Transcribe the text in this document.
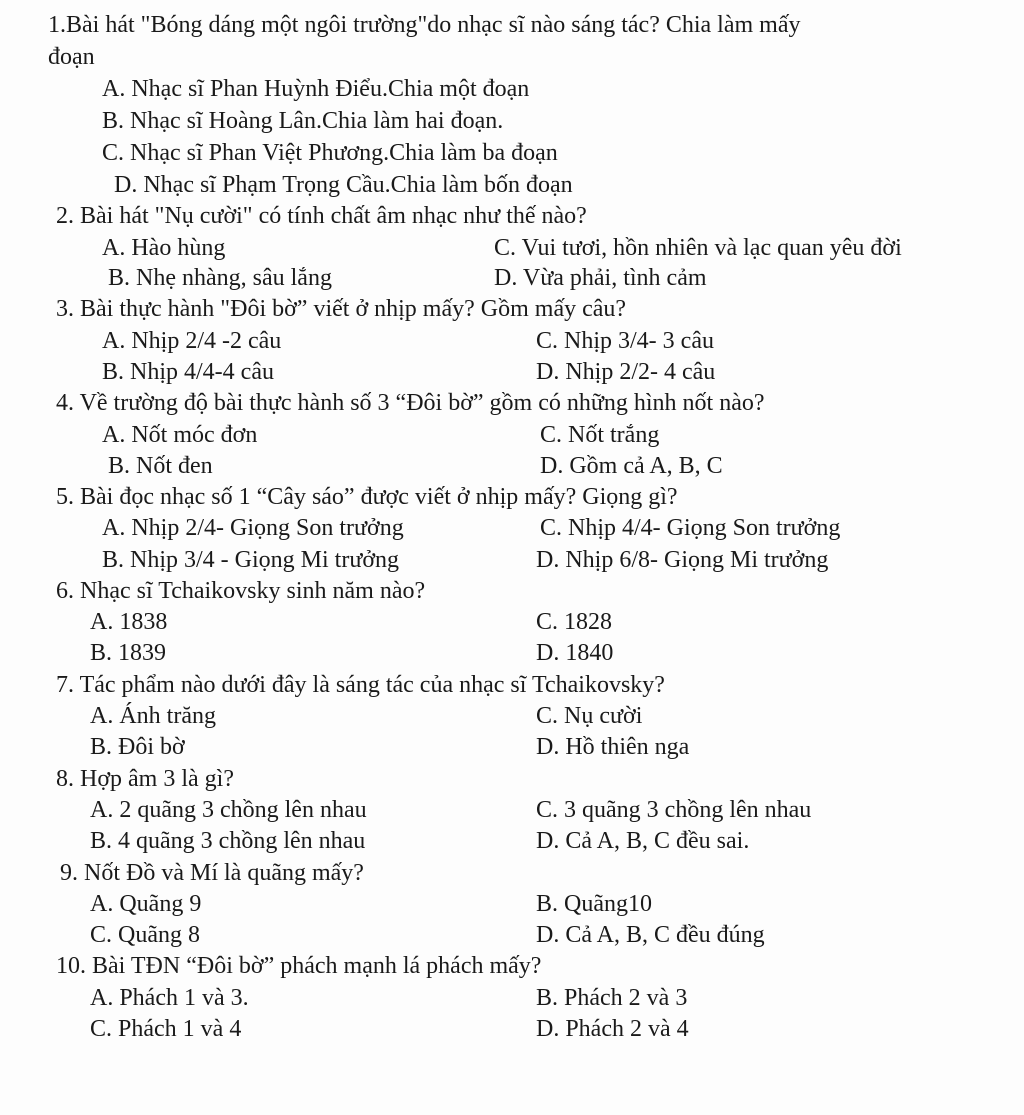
1.Bài hát "Bóng dáng một ngôi trường"do nhạc sĩ nào sáng tác? Chia làm mấy
đoạn
A. Nhạc sĩ Phan Huỳnh Điểu.Chia một đoạn
B. Nhạc sĩ Hoàng Lân.Chia làm hai đoạn.
C. Nhạc sĩ Phan Việt Phương.Chia làm ba đoạn
D. Nhạc sĩ Phạm Trọng Cầu.Chia làm bốn đoạn
2. Bài hát "Nụ cười" có tính chất âm nhạc như thế nào?
A. Hào hùng	C. Vui tươi, hồn nhiên và lạc quan yêu đời
B. Nhẹ nhàng, sâu lắng	D. Vừa phải, tình cảm
3. Bài thực hành "Đôi bờ” viết ở nhịp mấy? Gồm mấy câu?
A. Nhịp 2/4 -2 câu	C. Nhịp 3/4- 3 câu
B. Nhịp 4/4-4 câu	D. Nhịp 2/2- 4 câu
4. Về trường độ bài thực hành số 3 “Đôi bờ” gồm có những hình nốt nào?
A. Nốt móc đơn	C. Nốt trắng
B. Nốt đen	D. Gồm cả A, B, C
5. Bài đọc nhạc số 1 “Cây sáo” được viết ở nhịp mấy? Giọng gì?
A. Nhịp 2/4- Giọng Son trưởng	C. Nhịp 4/4- Giọng Son trưởng
B. Nhịp 3/4 - Giọng Mi trưởng	D. Nhịp 6/8- Giọng Mi trưởng
6. Nhạc sĩ Tchaikovsky sinh năm nào?
A. 1838	C. 1828
B. 1839	D. 1840
7. Tác phẩm nào dưới đây là sáng tác của nhạc sĩ Tchaikovsky?
A. Ánh trăng	C. Nụ cười
B. Đôi bờ	D. Hồ thiên nga
8. Hợp âm 3 là gì?
A. 2 quãng 3 chồng lên nhau	C. 3 quãng 3 chồng lên nhau
B. 4 quãng 3 chồng lên nhau	D. Cả A, B, C đều sai.
9. Nốt Đồ và Mí là quãng mấy?
A. Quãng 9	B. Quãng10
C. Quãng 8	D. Cả A, B, C đều đúng
10. Bài TĐN “Đôi bờ” phách mạnh lá phách mấy?
A. Phách 1 và 3.	B. Phách 2 và 3
C. Phách 1 và 4	D. Phách 2 và 4
